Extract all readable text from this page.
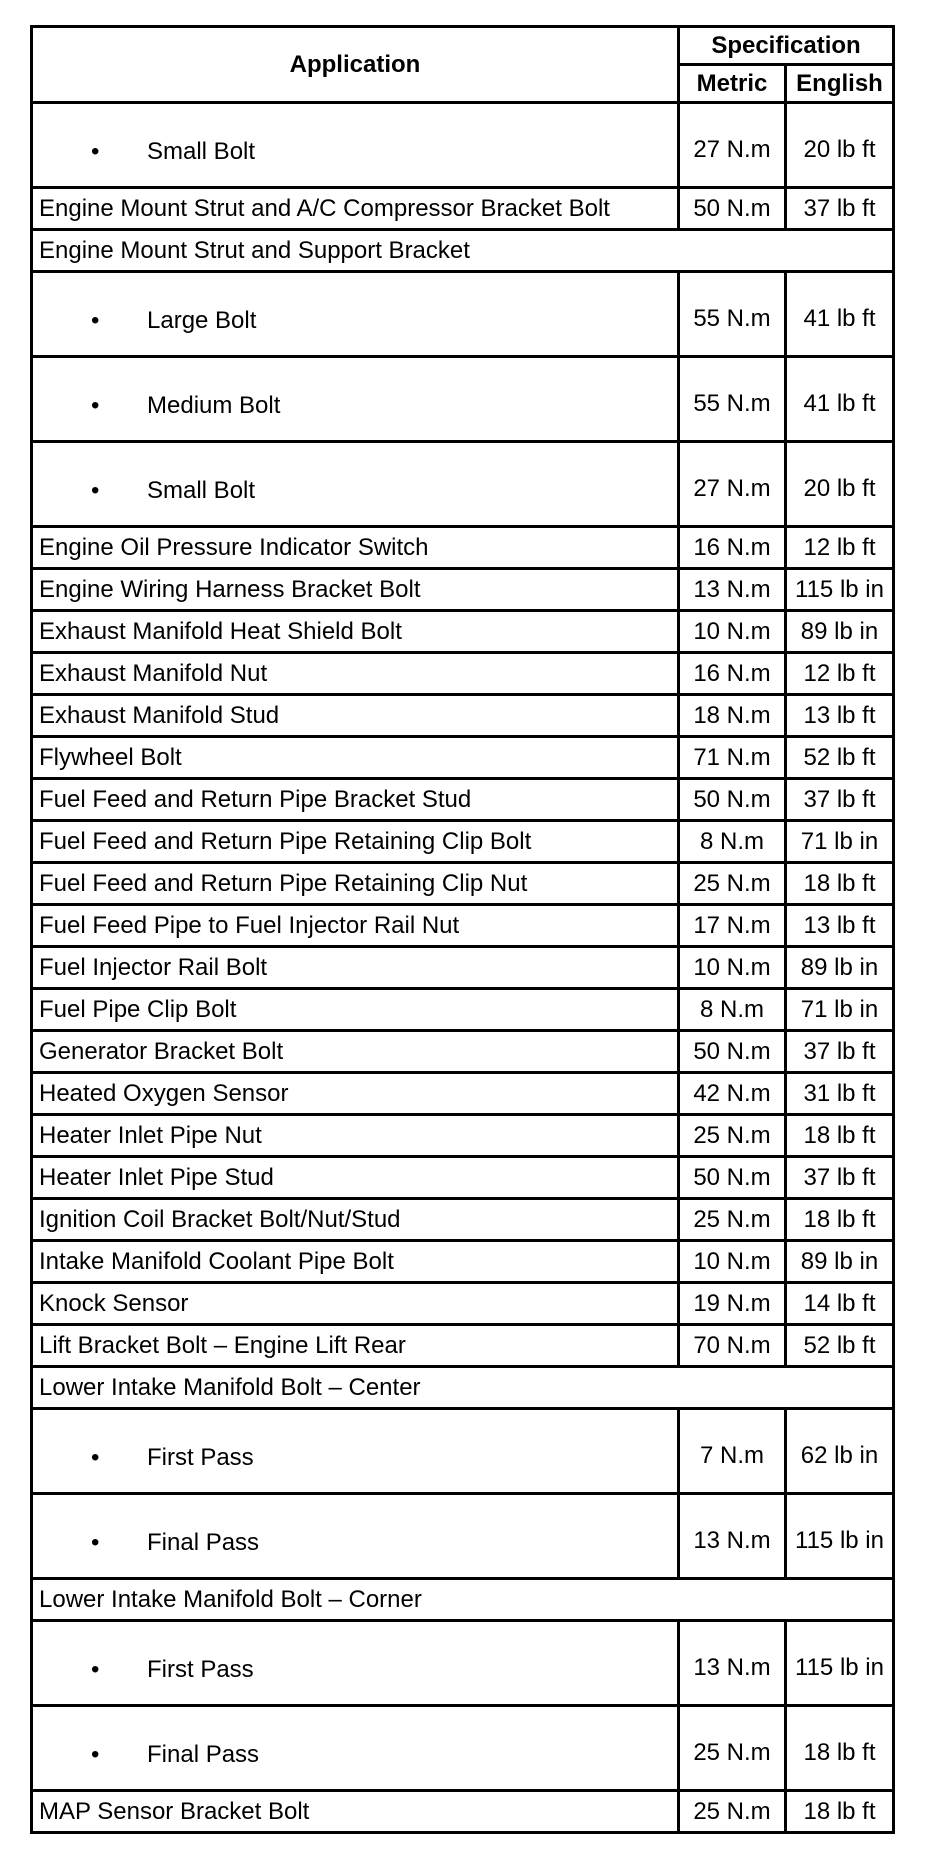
Application	Specification	
	Metric	English
• Small Bolt	27 N.m	20 lb ft
Engine Mount Strut and A/C Compressor Bracket Bolt	50 N.m	37 lb ft
Engine Mount Strut and Support Bracket		
• Large Bolt	55 N.m	41 lb ft
• Medium Bolt	55 N.m	41 lb ft
• Small Bolt	27 N.m	20 lb ft
Engine Oil Pressure Indicator Switch	16 N.m	12 lb ft
Engine Wiring Harness Bracket Bolt	13 N.m	115 lb in
Exhaust Manifold Heat Shield Bolt	10 N.m	89 lb in
Exhaust Manifold Nut	16 N.m	12 lb ft
Exhaust Manifold Stud	18 N.m	13 lb ft
Flywheel Bolt	71 N.m	52 lb ft
Fuel Feed and Return Pipe Bracket Stud	50 N.m	37 lb ft
Fuel Feed and Return Pipe Retaining Clip Bolt	8 N.m	71 lb in
Fuel Feed and Return Pipe Retaining Clip Nut	25 N.m	18 lb ft
Fuel Feed Pipe to Fuel Injector Rail Nut	17 N.m	13 lb ft
Fuel Injector Rail Bolt	10 N.m	89 lb in
Fuel Pipe Clip Bolt	8 N.m	71 lb in
Generator Bracket Bolt	50 N.m	37 lb ft
Heated Oxygen Sensor	42 N.m	31 lb ft
Heater Inlet Pipe Nut	25 N.m	18 lb ft
Heater Inlet Pipe Stud	50 N.m	37 lb ft
Ignition Coil Bracket Bolt/Nut/Stud	25 N.m	18 lb ft
Intake Manifold Coolant Pipe Bolt	10 N.m	89 lb in
Knock Sensor	19 N.m	14 lb ft
Lift Bracket Bolt – Engine Lift Rear	70 N.m	52 lb ft
Lower Intake Manifold Bolt – Center		
• First Pass	7 N.m	62 lb in
• Final Pass	13 N.m	115 lb in
Lower Intake Manifold Bolt – Corner		
• First Pass	13 N.m	115 lb in
• Final Pass	25 N.m	18 lb ft
MAP Sensor Bracket Bolt	25 N.m	18 lb ft
